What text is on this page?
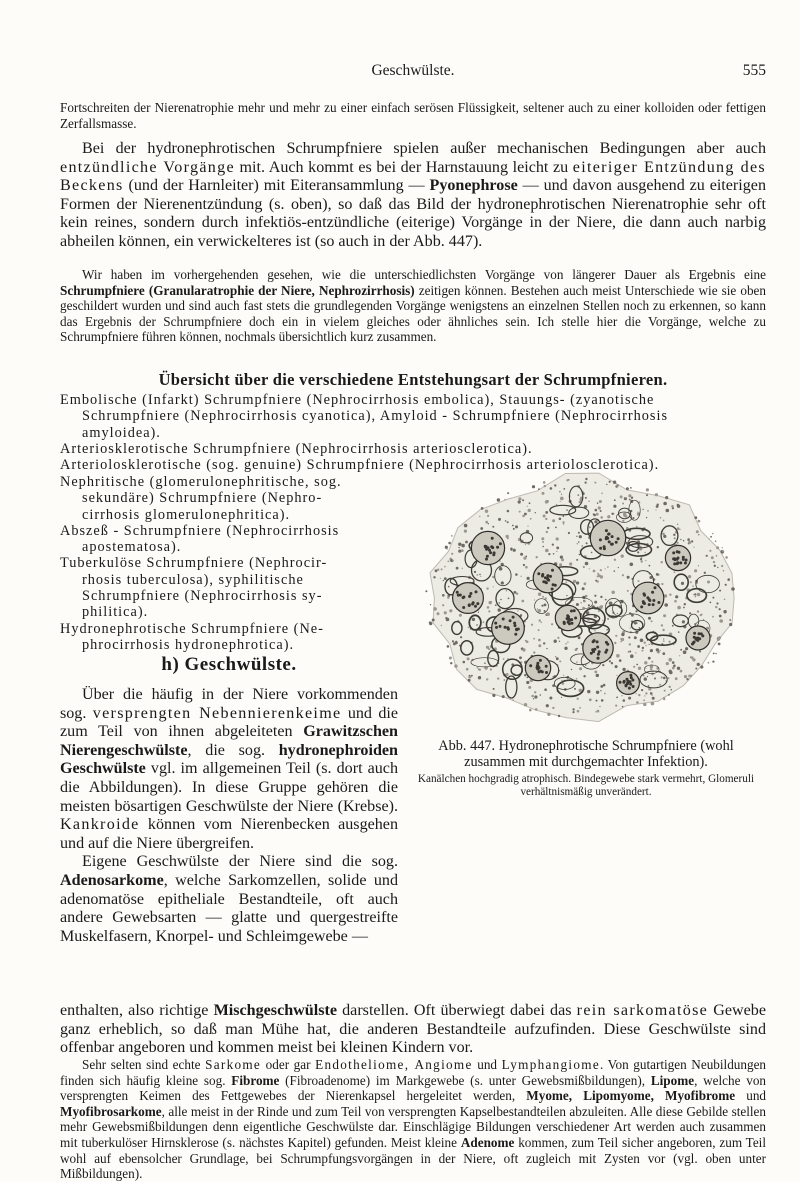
Geschwülste.	555

Fortschreiten der Nierenatrophie mehr und mehr zu einer einfach serösen Flüssigkeit, seltener auch zu einer kolloiden oder fettigen Zerfallsmasse.

Bei der hydronephrotischen Schrumpfniere spielen außer mechanischen Bedingungen aber auch entzündliche Vorgänge mit. Auch kommt es bei der Harnstauung leicht zu eiteriger Entzündung des Beckens (und der Harnleiter) mit Eiteransammlung — Pyonephrose — und davon ausgehend zu eiterigen Formen der Nierenentzündung (s. oben), so daß das Bild der hydronephrotischen Nierenatrophie sehr oft kein reines, sondern durch infektiös-entzündliche (eiterige) Vorgänge in der Niere, die dann auch narbig abheilen können, ein verwickelteres ist (so auch in der Abb. 447).

Wir haben im vorhergehenden gesehen, wie die unterschiedlichsten Vorgänge von längerer Dauer als Ergebnis eine Schrumpfniere (Granularatrophie der Niere, Nephrozirrhosis) zeitigen können. Bestehen auch meist Unterschiede wie sie oben geschildert wurden und sind auch fast stets die grundlegenden Vorgänge wenigstens an einzelnen Stellen noch zu erkennen, so kann das Ergebnis der Schrumpfniere doch ein in vielem gleiches oder ähnliches sein. Ich stelle hier die Vorgänge, welche zu Schrumpfniere führen können, nochmals übersichtlich kurz zusammen.

Übersicht über die verschiedene Entstehungsart der Schrumpfnieren.
Embolische (Infarkt) Schrumpfniere (Nephrocirrhosis embolica), Stauungs- (zyanotische
Schrumpfniere (Nephrocirrhosis cyanotica), Amyloid - Schrumpfniere (Nephrocirrhosis
amyloidea).
Arteriosklerotische Schrumpfniere (Nephrocirrhosis arteriosclerotica).
Arteriolosklerotische (sog. genuine) Schrumpfniere (Nephrocirrhosis arteriolosclerotica).
Nephritische (glomerulonephritische, sog.
sekundäre) Schrumpfniere (Nephro-
cirrhosis glomerulonephritica).
Abszeß - Schrumpfniere (Nephrocirrhosis
apostematosa).
Tuberkulöse Schrumpfniere (Nephrocir-
rhosis tuberculosa), syphilitische
Schrumpfniere (Nephrocirrhosis sy-
philitica).
Hydronephrotische Schrumpfniere (Ne-
phrocirrhosis hydronephrotica).
Abb. 447. Hydronephrotische Schrumpfniere (wohl zusammen mit durchgemachter Infektion).
Kanälchen hochgradig atrophisch. Bindegewebe stark vermehrt, Glomeruli verhältnismäßig unverändert.
h) Geschwülste.

Über die häufig in der Niere vorkommenden sog. versprengten Nebennierenkeime und die zum Teil von ihnen abgeleiteten Grawitzschen Nierengeschwülste, die sog. hydronephroiden Geschwülste vgl. im allgemeinen Teil (s. dort auch die Abbildungen). In diese Gruppe gehören die meisten bösartigen Geschwülste der Niere (Krebse). Kankroide können vom Nierenbecken ausgehen und auf die Niere übergreifen.

Eigene Geschwülste der Niere sind die sog. Adenosarkome, welche Sarkomzellen, solide und adenomatöse epitheliale Bestandteile, oft auch andere Gewebsarten — glatte und quergestreifte Muskelfasern, Knorpel- und Schleimgewebe —

enthalten, also richtige Mischgeschwülste darstellen. Oft überwiegt dabei das rein sarkomatöse Gewebe ganz erheblich, so daß man Mühe hat, die anderen Bestandteile aufzufinden. Diese Geschwülste sind offenbar angeboren und kommen meist bei kleinen Kindern vor.

Sehr selten sind echte Sarkome oder gar Endotheliome, Angiome und Lymphangiome. Von gutartigen Neubildungen finden sich häufig kleine sog. Fibrome (Fibroadenome) im Markgewebe (s. unter Gewebsmißbildungen), Lipome, welche von versprengten Keimen des Fettgewebes der Nierenkapsel hergeleitet werden, Myome, Lipomyome, Myofibrome und Myofibrosarkome, alle meist in der Rinde und zum Teil von versprengten Kapselbestandteilen abzuleiten. Alle diese Gebilde stellen mehr Gewebsmißbildungen denn eigentliche Geschwülste dar. Einschlägige Bildungen verschiedener Art werden auch zusammen mit tuberkulöser Hirnsklerose (s. nächstes Kapitel) gefunden. Meist kleine Adenome kommen, zum Teil sicher angeboren, zum Teil wohl auf ebensolcher Grundlage, bei Schrumpfungsvorgängen in der Niere, oft zugleich mit Zysten vor (vgl. oben unter Mißbildungen).
